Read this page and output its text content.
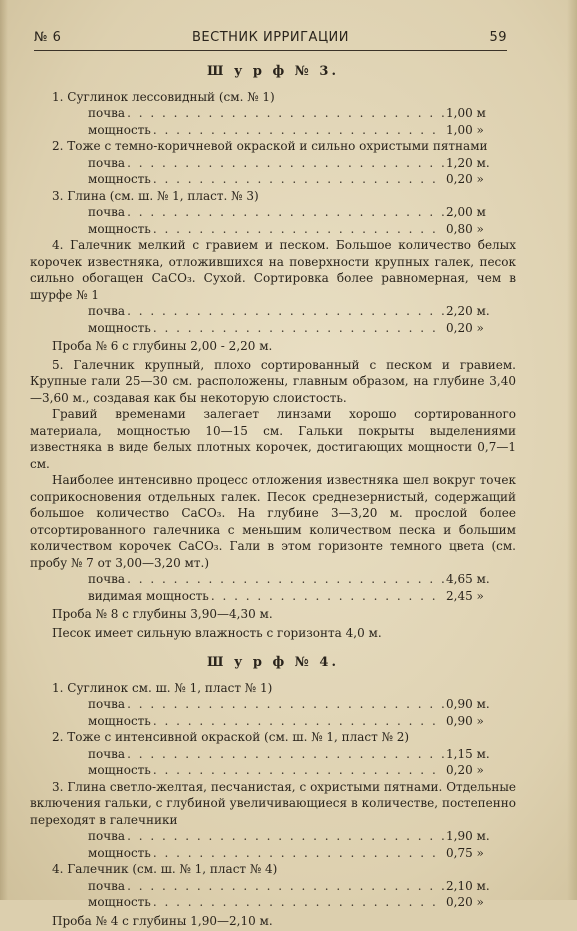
№ 6	ВЕСТНИК ИРРИГАЦИИ	59
Ш у р ф № 3.

1. Суглинок лессовидный (см. № 1)

почва . . .	1,00 м
мощность . . .	1,00 »

2. Тоже с темно-коричневой окраской и сильно охристыми пятнами

почва . . .	1,20 м.
мощность . . .	0,20 »

3. Глина (см. ш. № 1, пласт. № 3)

почва . . .	2,00 м
мощность . . .	0,80 »

4. Галечник мелкий с гравием и песком. Большое количество белых корочек известняка, отложившихся на поверхности крупных галек, песок сильно обогащен CaCO₃. Сухой. Сортировка более равномерная, чем в шурфе № 1

почва . . .	2,20 м.
мощность . . .	0,20 »
Проба № 6 с глубины 2,00 - 2,20 м.

5. Галечник крупный, плохо сортированный с песком и гравием. Крупные гали 25—30 см. расположены, главным образом, на глубине 3,40—3,60 м., создавая как бы некоторую слоистость.

Гравий временами залегает линзами хорошо сортированного материала, мощностью 10—15 см. Гальки покрыты выделениями известняка в виде белых плотных корочек, достигающих мощности 0,7—1 см.

Наиболее интенсивно процесс отложения известняка шел вокруг точек соприкосновения отдельных галек. Песок среднезернистый, содержащий большое количество CaCO₃. На глубине 3—3,20 м. прослой более отсортированного галечника с меньшим количеством песка и большим количеством корочек CaCO₃. Гали в этом горизонте темного цвета (см. пробу № 7 от 3,00—3,20 мт.)

почва . . .	4,65 м.
видимая мощность . . .	2,45 »
Проба № 8 с глубины 3,90—4,30 м.
Песок имеет сильную влажность с горизонта 4,0 м.
Ш у р ф № 4.

1. Суглинок см. ш. № 1, пласт № 1)

почва . . .	0,90 м.
мощность . . .	0,90 »

2. Тоже с интенсивной окраской (см. ш. № 1, пласт № 2)

почва . . .	1,15 м.
мощность . . .	0,20 »

3. Глина светло-желтая, песчанистая, с охристыми пятнами. Отдельные включения гальки, с глубиной увеличивающиеся в количестве, постепенно переходят в галечники

почва . . .	1,90 м.
мощность . . .	0,75 »

4. Галечник (см. ш. № 1, пласт № 4)

почва . . .	2,10 м.
мощность . . .	0,20 »
Проба № 4 с глубины 1,90—2,10 м.
